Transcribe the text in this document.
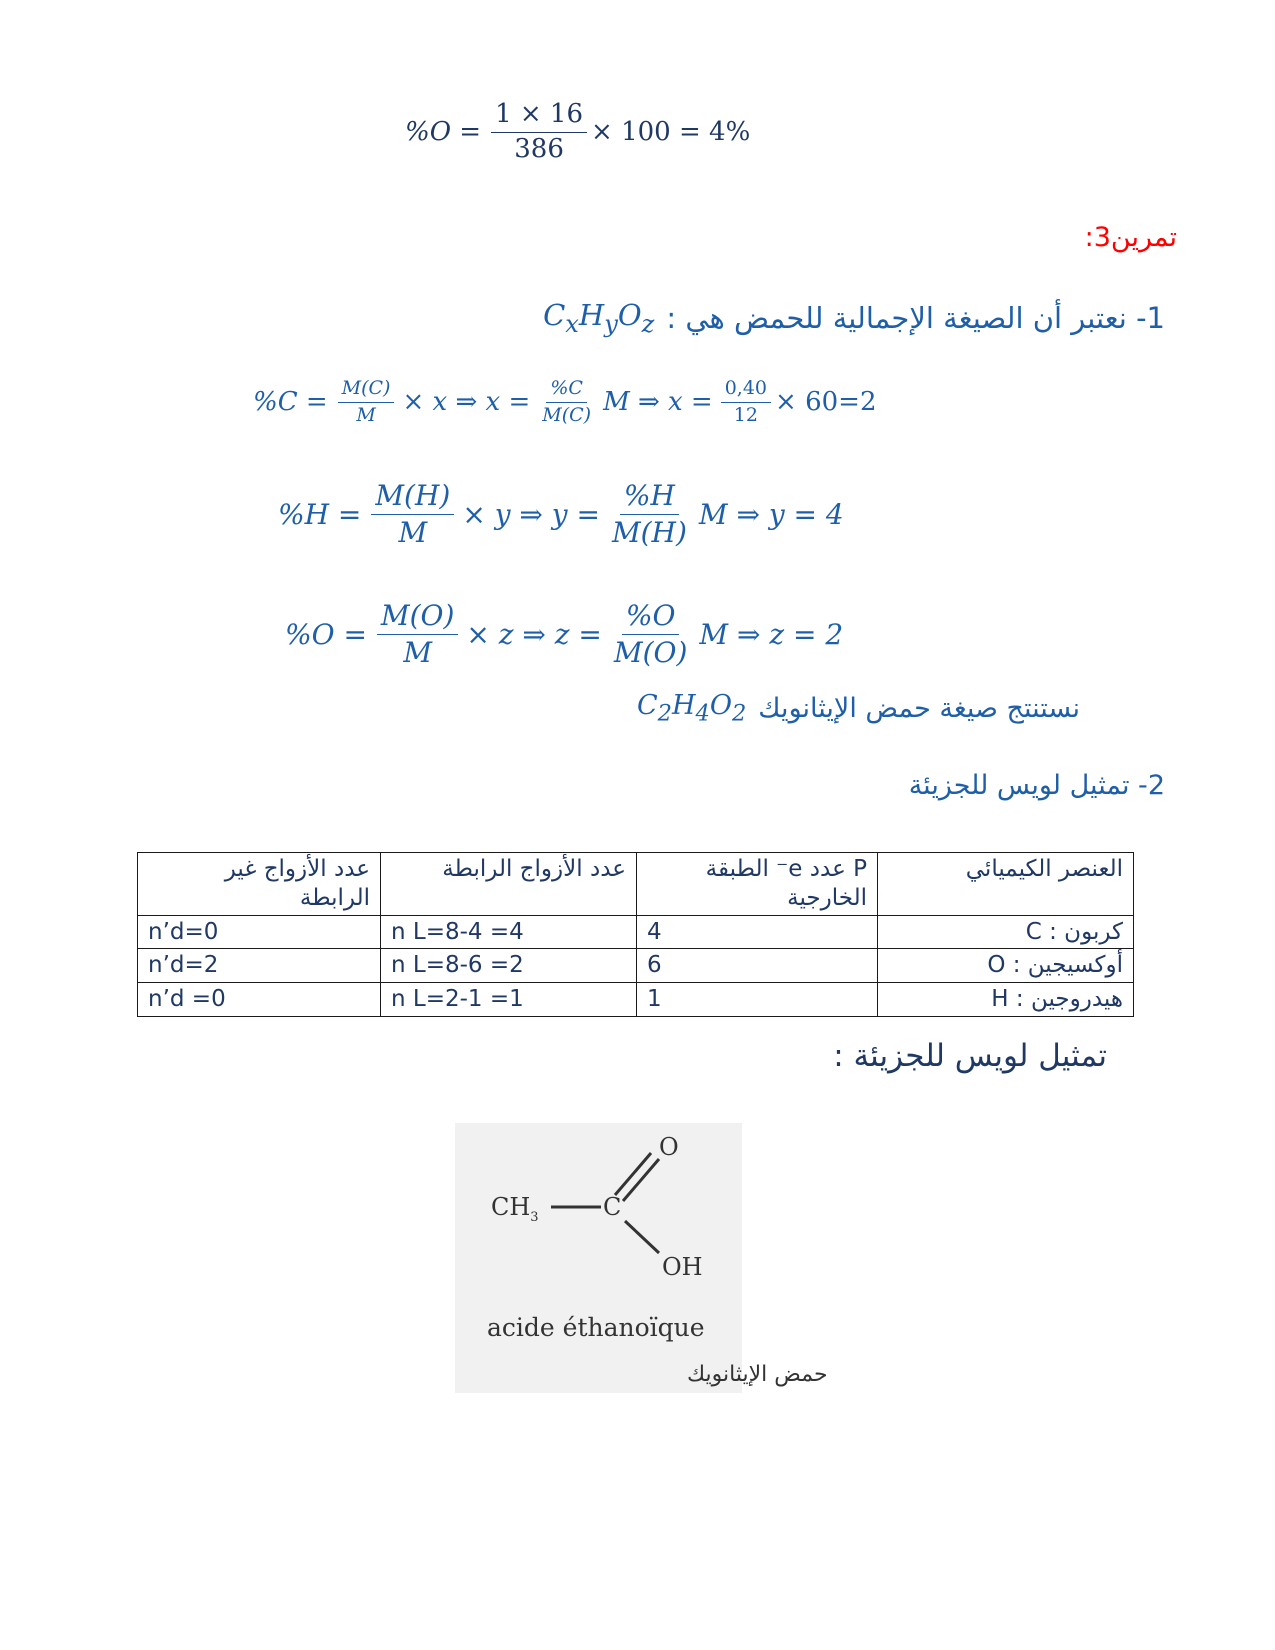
$\%O = \frac{1 \times 16}{386} \times 100 = 4\%$
تمرين3:
1- نعتبر أن الصيغة الإجمالية للحمض هي :
$C_xH_yO_z$
$\%C = \frac{M(C)}{M} \times x$ ⇒ $x = \frac{\%C}{M(C)}$ M ⇒ $x = \frac{0,40}{12} \times 60=2$
$\%H = \frac{M(H)}{M} \times y$ ⇒ $y = \frac{\%H}{M(H)}$ M ⇒ y = 4
$\%O = \frac{M(O)}{M} \times z$ ⇒ $z = \frac{\%O}{M(O)}$ M ⇒ z = 2
نستنتج صيغة حمض الإيثانويك
$C_2H_4O_2$
2- تمثيل لويس للجزيئة
العنصر الكيميائي	P عدد e⁻ الطبقة الخارجية	عدد الأزواج الرابطة	عدد الأزواج غير الرابطة
كربون : C	4	n L=8-4 =4	n’d=0
أوكسيجين : O	6	n L=8-6 =2	n’d=2
هيدروجين : H	1	n L=2-1 =1	n’d =0
تمثيل لويس للجزيئة :
O
$CH_3$	C
OH
acide éthanoïque
حمض الإيثانويك
